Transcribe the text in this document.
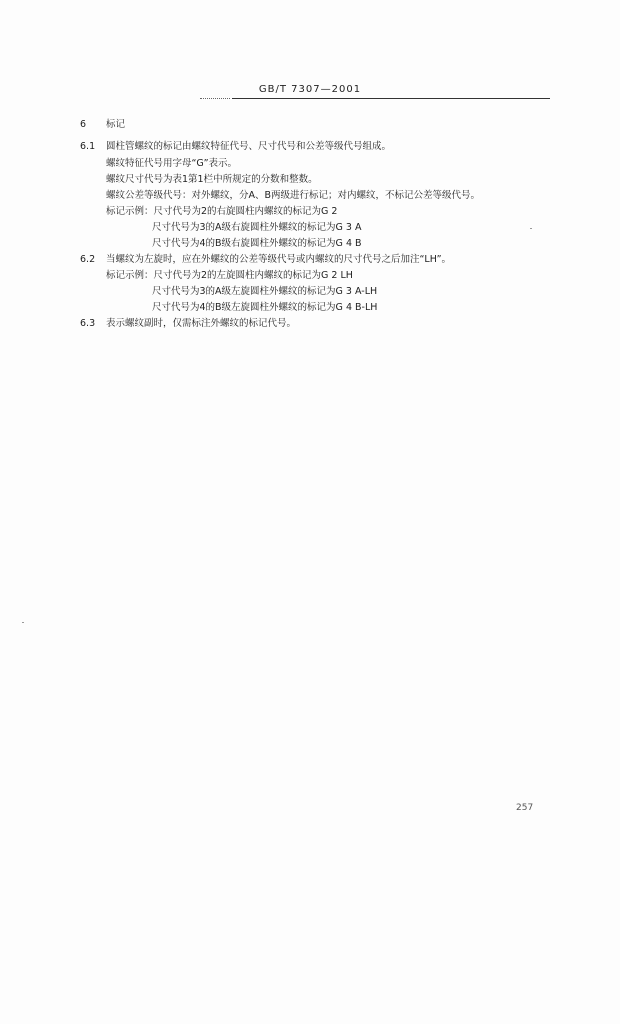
GB/T 7307—2001
6 标记
6.1 圆柱管螺纹的标记由螺纹特征代号、尺寸代号和公差等级代号组成。
螺纹特征代号用字母“G”表示。
螺纹尺寸代号为表1第1栏中所规定的分数和整数。
螺纹公差等级代号：对外螺纹，分A、B两级进行标记；对内螺纹，不标记公差等级代号。
标记示例：尺寸代号为2的右旋圆柱内螺纹的标记为G 2
尺寸代号为3的A级右旋圆柱外螺纹的标记为G 3 A
尺寸代号为4的B级右旋圆柱外螺纹的标记为G 4 B
6.2 当螺纹为左旋时，应在外螺纹的公差等级代号或内螺纹的尺寸代号之后加注“LH”。
标记示例：尺寸代号为2的左旋圆柱内螺纹的标记为G 2 LH
尺寸代号为3的A级左旋圆柱外螺纹的标记为G 3 A-LH
尺寸代号为4的B级左旋圆柱外螺纹的标记为G 4 B-LH
6.3 表示螺纹副时，仅需标注外螺纹的标记代号。
257
